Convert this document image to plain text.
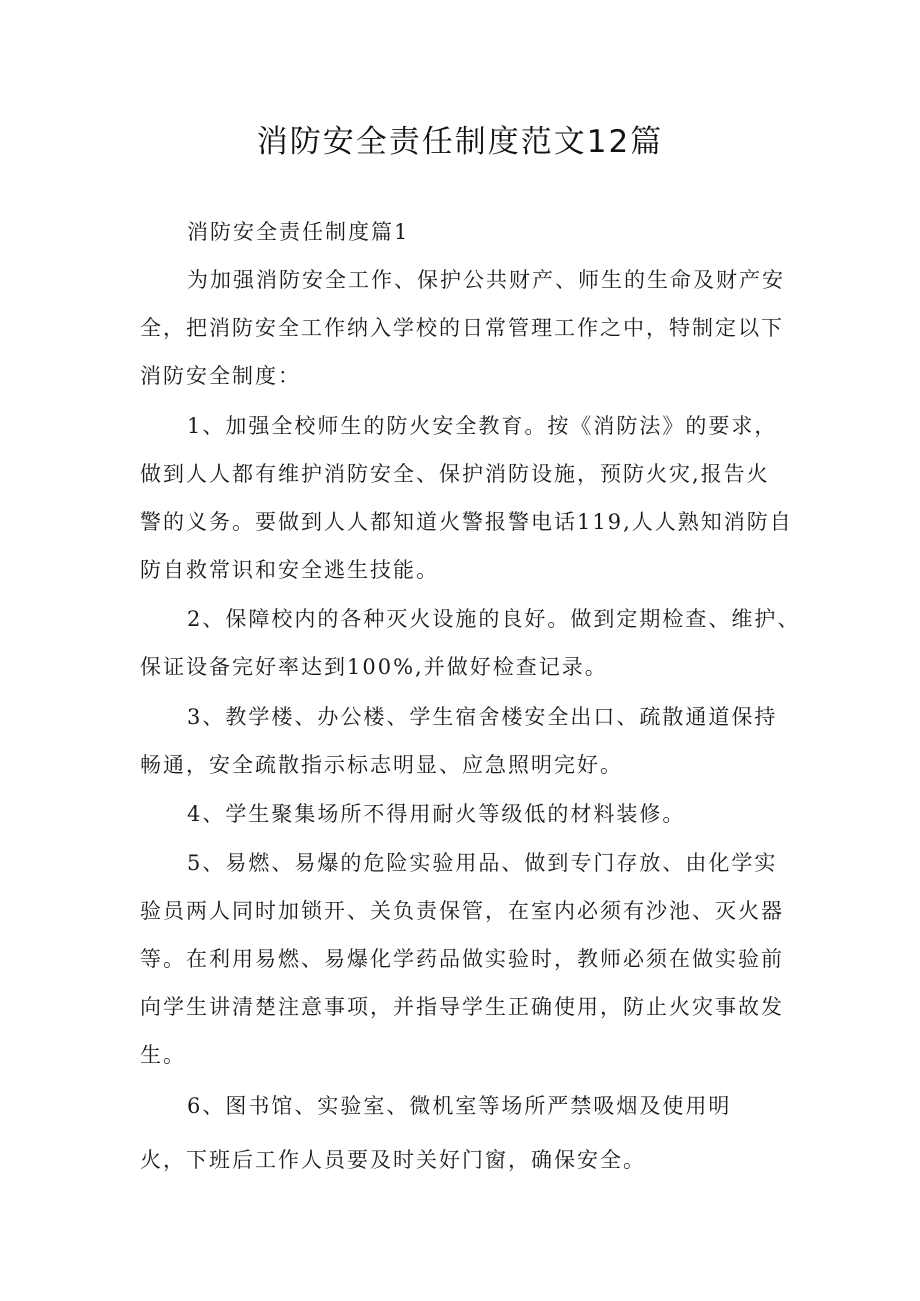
消防安全责任制度范文12篇
消防安全责任制度篇1
为加强消防安全工作、保护公共财产、师生的生命及财产安
全，把消防安全工作纳入学校的日常管理工作之中，特制定以下
消防安全制度：
1、加强全校师生的防火安全教育。按《消防法》的要求，
做到人人都有维护消防安全、保护消防设施，预防火灾,报告火
警的义务。要做到人人都知道火警报警电话119,人人熟知消防自
防自救常识和安全逃生技能。
2、保障校内的各种灭火设施的良好。做到定期检查、维护、
保证设备完好率达到100%,并做好检查记录。
3、教学楼、办公楼、学生宿舍楼安全出口、疏散通道保持
畅通，安全疏散指示标志明显、应急照明完好。
4、学生聚集场所不得用耐火等级低的材料装修。
5、易燃、易爆的危险实验用品、做到专门存放、由化学实
验员两人同时加锁开、关负责保管，在室内必须有沙池、灭火器
等。在利用易燃、易爆化学药品做实验时，教师必须在做实验前
向学生讲清楚注意事项，并指导学生正确使用，防止火灾事故发
生。
6、图书馆、实验室、微机室等场所严禁吸烟及使用明
火，下班后工作人员要及时关好门窗，确保安全。
